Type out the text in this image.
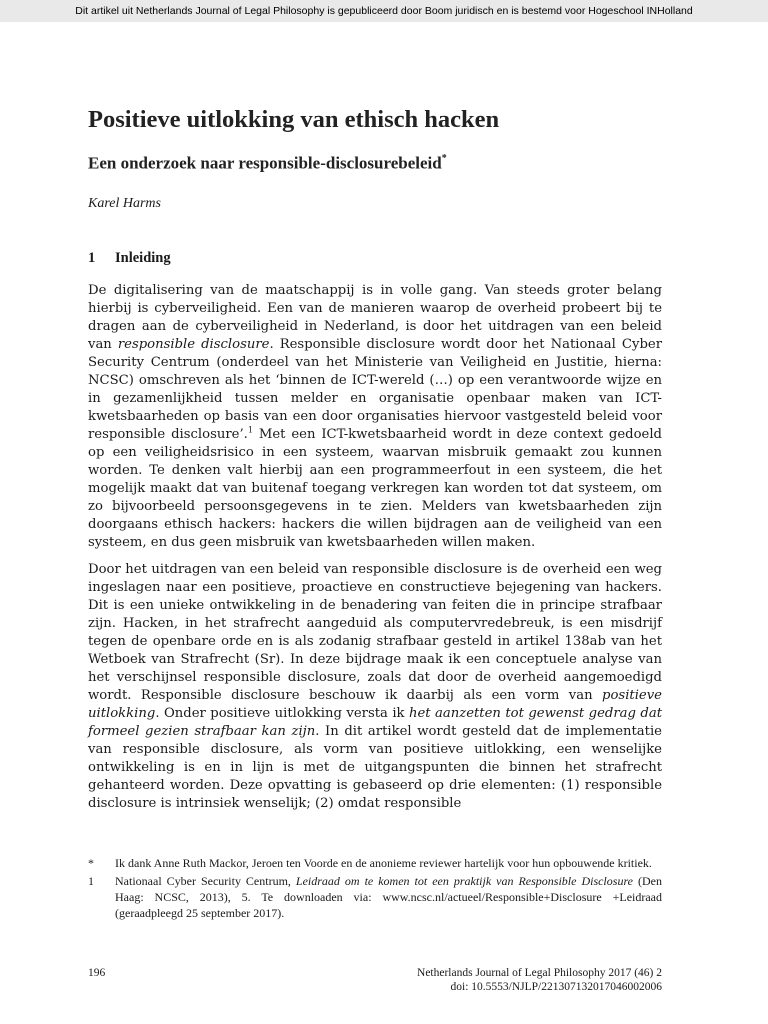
Dit artikel uit Netherlands Journal of Legal Philosophy is gepubliceerd door Boom juridisch en is bestemd voor Hogeschool INHolland
Positieve uitlokking van ethisch hacken
Een onderzoek naar responsible-disclosurebeleid*
Karel Harms
1	Inleiding

De digitalisering van de maatschappij is in volle gang. Van steeds groter belang hierbij is cyberveiligheid. Een van de manieren waarop de overheid probeert bij te dragen aan de cyberveiligheid in Nederland, is door het uitdragen van een beleid van responsible disclosure. Responsible disclosure wordt door het Nationaal Cyber Security Centrum (onderdeel van het Ministerie van Veiligheid en Justitie, hierna: NCSC) omschreven als het ‘binnen de ICT-wereld (…) op een verantwoorde wijze en in gezamenlijkheid tussen melder en organisatie openbaar maken van ICT-kwetsbaarheden op basis van een door organisaties hiervoor vastgesteld beleid voor responsible disclosure’.$^1$ Met een ICT-kwetsbaarheid wordt in deze context gedoeld op een veiligheidsrisico in een systeem, waarvan misbruik gemaakt zou kunnen worden. Te denken valt hierbij aan een programmeerfout in een systeem, die het mogelijk maakt dat van buitenaf toegang verkregen kan worden tot dat systeem, om zo bijvoorbeeld persoonsgegevens in te zien. Melders van kwetsbaarheden zijn doorgaans ethisch hackers: hackers die willen bijdragen aan de veiligheid van een systeem, en dus geen misbruik van kwetsbaarheden willen maken.

Door het uitdragen van een beleid van responsible disclosure is de overheid een weg ingeslagen naar een positieve, proactieve en constructieve bejegening van hackers. Dit is een unieke ontwikkeling in de benadering van feiten die in principe strafbaar zijn. Hacken, in het strafrecht aangeduid als computervredebreuk, is een misdrijf tegen de openbare orde en is als zodanig strafbaar gesteld in artikel 138ab van het Wetboek van Strafrecht (Sr). In deze bijdrage maak ik een conceptuele analyse van het verschijnsel responsible disclosure, zoals dat door de overheid aangemoedigd wordt. Responsible disclosure beschouw ik daarbij als een vorm van positieve uitlokking. Onder positieve uitlokking versta ik het aanzetten tot gewenst gedrag dat formeel gezien strafbaar kan zijn. In dit artikel wordt gesteld dat de implementatie van responsible disclosure, als vorm van positieve uitlokking, een wenselijke ontwikkeling is en in lijn is met de uitgangspunten die binnen het strafrecht gehanteerd worden. Deze opvatting is gebaseerd op drie elementen: (1) responsible disclosure is intrinsiek wenselijk; (2) omdat responsible

*	Ik dank Anne Ruth Mackor, Jeroen ten Voorde en de anonieme reviewer hartelijk voor hun opbouwende kritiek.
1	Nationaal Cyber Security Centrum, Leidraad om te komen tot een praktijk van Responsible Disclosure (Den Haag: NCSC, 2013), 5. Te downloaden via: www.ncsc.nl/actueel/Responsible+Disclosure +Leidraad (geraadpleegd 25 september 2017).
196	Netherlands Journal of Legal Philosophy 2017 (46) 2
doi: 10.5553/NJLP/221307132017046002006
